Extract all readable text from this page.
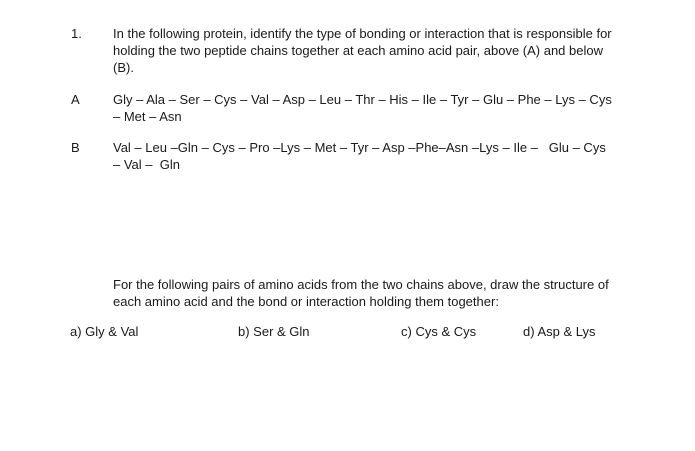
1. In the following protein, identify the type of bonding or interaction that is responsible for holding the two peptide chains together at each amino acid pair, above (A) and below (B).
A	Gly – Ala – Ser – Cys – Val – Asp – Leu – Thr – His – Ile – Tyr – Glu – Phe – Lys – Cys – Met – Asn
B	Val – Leu –Gln – Cys – Pro –Lys – Met – Tyr – Asp –Phe–Asn –Lys – Ile –   Glu – Cys – Val –  Gln
For the following pairs of amino acids from the two chains above, draw the structure of each amino acid and the bond or interaction holding them together:
a) Gly & Val	b) Ser & Gln	c) Cys & Cys	d) Asp & Lys
